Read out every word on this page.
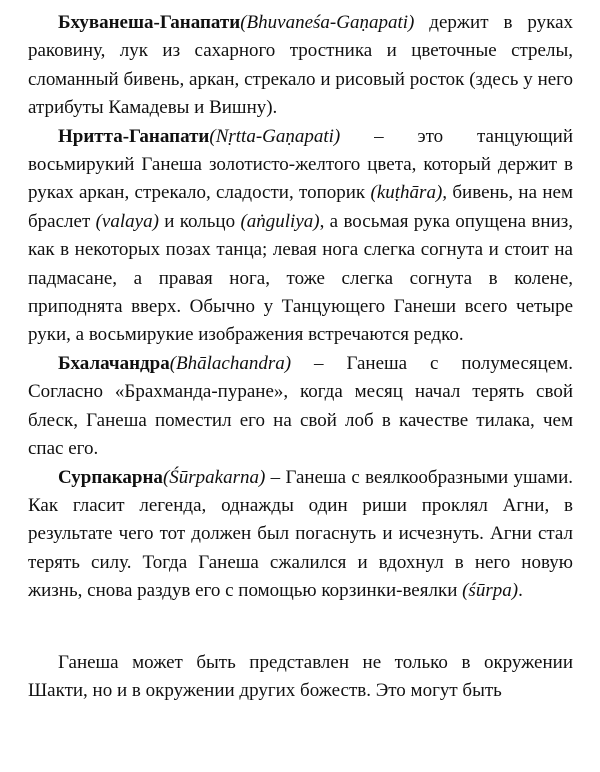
Бхуванеша-Ганапати(Bhuvaneśa-Gaṇapati) держит в руках раковину, лук из сахарного тростника и цветочные стрелы, сломанный бивень, аркан, стрекало и рисовый росток (здесь у него атрибуты Камадевы и Вишну).

Нритта-Ганапати(Nṛtta-Gaṇapati) – это танцующий восьмирукий Ганеша золотисто-желтого цвета, который держит в руках аркан, стрекало, сладости, топорик (kuṭhāra), бивень, на нем браслет (valaya) и кольцо (aṅguliya), а восьмая рука опущена вниз, как в некоторых позах танца; левая нога слегка согнута и стоит на падмасане, а правая нога, тоже слегка согнута в колене, приподнята вверх. Обычно у Танцующего Ганеши всего четыре руки, а восьмирукие изображения встречаются редко.

Бхалачандра(Bhālachandra) – Ганеша с полумесяцем. Согласно «Брахманда-пуране», когда месяц начал терять свой блеск, Ганеша поместил его на свой лоб в качестве тилака, чем спас его.

Сурпакарна(Śūrpakarna) – Ганеша с веялкообразными ушами. Как гласит легенда, однажды один риши проклял Агни, в результате чего тот должен был погаснуть и исчезнуть. Агни стал терять силу. Тогда Ганеша сжалился и вдохнул в него новую жизнь, снова раздув его с помощью корзинки-веялки (śūrpa).

Ганеша может быть представлен не только в окружении Шакти, но и в окружении других божеств. Это могут быть
